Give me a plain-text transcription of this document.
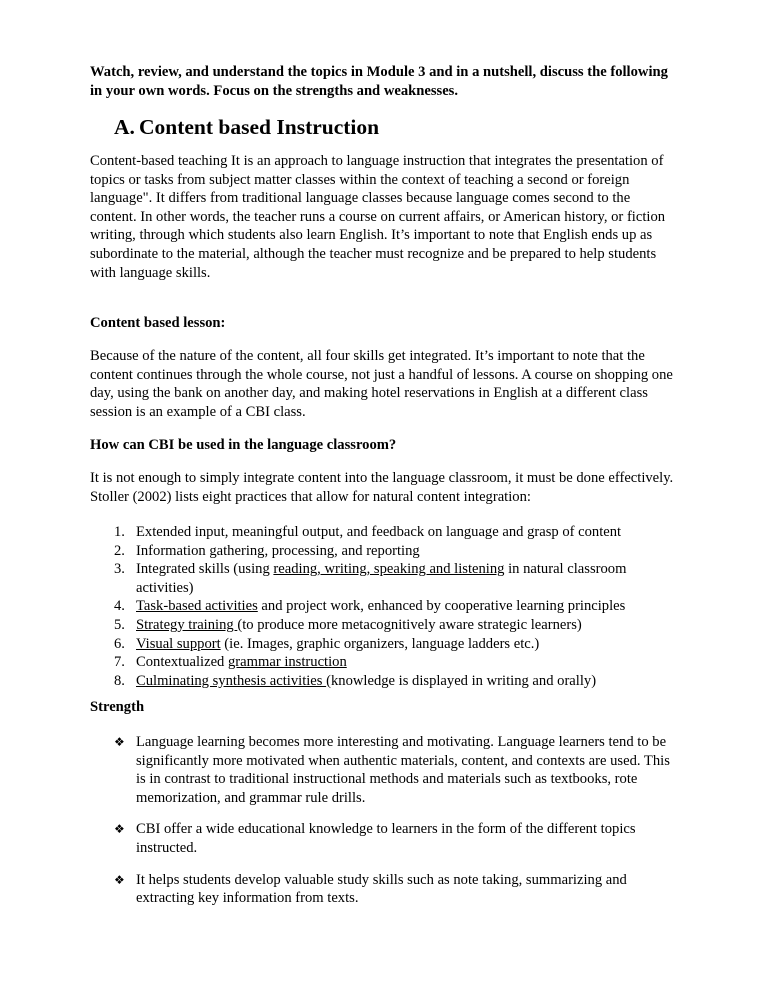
Watch, review, and understand the topics in Module 3 and in a nutshell, discuss the following in your own words. Focus on the strengths and weaknesses.
A. Content based Instruction
Content-based teaching It is an approach to language instruction that integrates the presentation of topics or tasks from subject matter classes within the context of teaching a second or foreign language". It differs from traditional language classes because language comes second to the content. In other words, the teacher runs a course on current affairs, or American history, or fiction writing, through which students also learn English. It’s important to note that English ends up as subordinate to the material, although the teacher must recognize and be prepared to help students with language skills.
Content based lesson:
Because of the nature of the content, all four skills get integrated. It’s important to note that the content continues through the whole course, not just a handful of lessons. A course on shopping one day, using the bank on another day, and making hotel reservations in English at a different class session is an example of a CBI class.
How can CBI be used in the language classroom?
It is not enough to simply integrate content into the language classroom, it must be done effectively. Stoller (2002) lists eight practices that allow for natural content integration:
1. Extended input, meaningful output, and feedback on language and grasp of content
2. Information gathering, processing, and reporting
3. Integrated skills (using reading, writing, speaking and listening in natural classroom activities)
4. Task-based activities and project work, enhanced by cooperative learning principles
5. Strategy training (to produce more metacognitively aware strategic learners)
6. Visual support (ie. Images, graphic organizers, language ladders etc.)
7. Contextualized grammar instruction
8. Culminating synthesis activities (knowledge is displayed in writing and orally)
Strength
❖ Language learning becomes more interesting and motivating. Language learners tend to be significantly more motivated when authentic materials, content, and contexts are used. This is in contrast to traditional instructional methods and materials such as textbooks, rote memorization, and grammar rule drills.
❖ CBI offer a wide educational knowledge to learners in the form of the different topics instructed.
❖ It helps students develop valuable study skills such as note taking, summarizing and extracting key information from texts.
